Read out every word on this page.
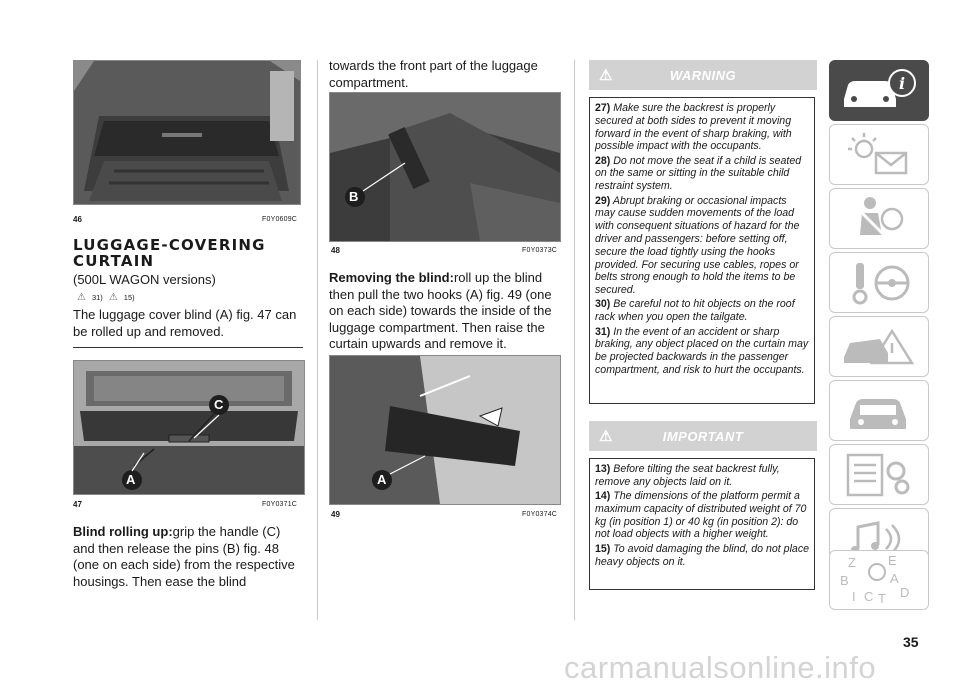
46	F0Y0609C
LUGGAGE-COVERING
CURTAIN
(500L WAGON versions)
⚠ 31) ⚠ 15)
The luggage cover blind (A) fig. 47 can be rolled up and removed.
C
A
47	F0Y0371C
Blind rolling up:grip the handle (C) and then release the pins (B) fig. 48 (one on each side) from the respective housings. Then ease the blind
towards the front part of the luggage compartment.
B
48	F0Y0373C
Removing the blind:roll up the blind then pull the two hooks (A) fig. 49 (one on each side) towards the inside of the luggage compartment. Then raise the curtain upwards and remove it.
A
49	F0Y0374C
⚠	WARNING

27) Make sure the backrest is properly secured at both sides to prevent it moving forward in the event of sharp braking, with possible impact with the occupants.

28) Do not move the seat if a child is seated on the same or sitting in the suitable child restraint system.

29) Abrupt braking or occasional impacts may cause sudden movements of the load with consequent situations of hazard for the driver and passengers: before setting off, secure the load tightly using the hooks provided. For securing use cables, ropes or belts strong enough to hold the items to be secured.

30) Be careful not to hit objects on the roof rack when you open the tailgate.

31) In the event of an accident or sharp braking, any object placed on the curtain may be projected backwards in the passenger compartment, and risk to hurt the occupants.

⚠	IMPORTANT

13) Before tilting the seat backrest fully, remove any objects laid on it.

14) The dimensions of the platform permit a maximum capacity of distributed weight of 70 kg (in position 1) or 40 kg (in position 2): do not load objects with a higher weight.

15) To avoid damaging the blind, do not place heavy objects on it.

i
Z E
B	A
I C T D
35
carmanualsonline.info
